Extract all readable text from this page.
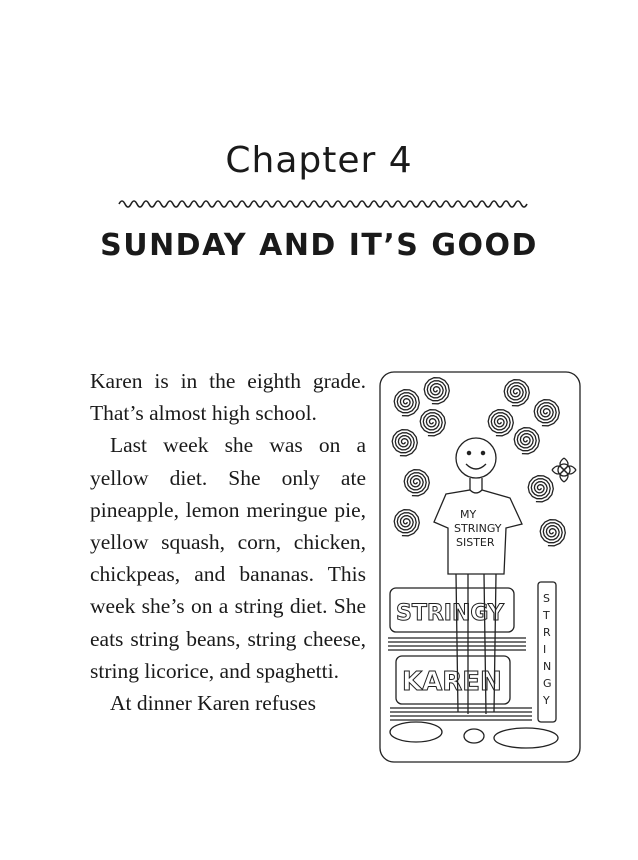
Chapter 4
SUNDAY AND IT’S GOOD

Karen is in the eighth grade. That’s almost high school.

Last week she was on a yellow diet. She only ate pineapple, lemon meringue pie, yellow squash, corn, chicken, chickpeas, and bananas. This week she’s on a string diet. She eats string beans, string cheese, string licorice, and spaghetti.

At dinner Karen refuses

MY
STRINGY
SISTER
STRINGY
KAREN
S
T
R
I
N
G
Y
